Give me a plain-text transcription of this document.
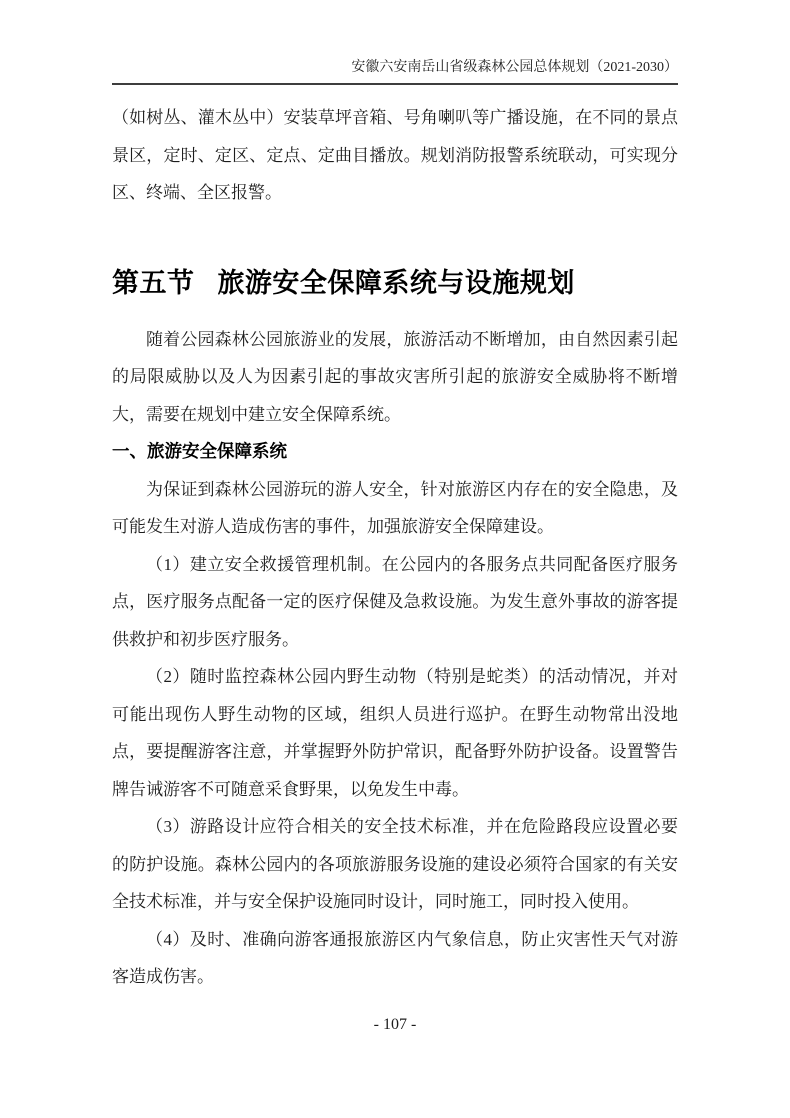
安徽六安南岳山省级森林公园总体规划（2021-2030）

（如树丛、灌木丛中）安装草坪音箱、号角喇叭等广播设施，在不同的景点景区，定时、定区、定点、定曲目播放。规划消防报警系统联动，可实现分区、终端、全区报警。

第五节 旅游安全保障系统与设施规划

随着公园森林公园旅游业的发展，旅游活动不断增加，由自然因素引起的局限威胁以及人为因素引起的事故灾害所引起的旅游安全威胁将不断增大，需要在规划中建立安全保障系统。

一、旅游安全保障系统

为保证到森林公园游玩的游人安全，针对旅游区内存在的安全隐患，及可能发生对游人造成伤害的事件，加强旅游安全保障建设。

（1）建立安全救援管理机制。在公园内的各服务点共同配备医疗服务点，医疗服务点配备一定的医疗保健及急救设施。为发生意外事故的游客提供救护和初步医疗服务。

（2）随时监控森林公园内野生动物（特别是蛇类）的活动情况，并对可能出现伤人野生动物的区域，组织人员进行巡护。在野生动物常出没地点，要提醒游客注意，并掌握野外防护常识，配备野外防护设备。设置警告牌告诫游客不可随意采食野果，以免发生中毒。

（3）游路设计应符合相关的安全技术标准，并在危险路段应设置必要的防护设施。森林公园内的各项旅游服务设施的建设必须符合国家的有关安全技术标准，并与安全保护设施同时设计，同时施工，同时投入使用。

（4）及时、准确向游客通报旅游区内气象信息，防止灾害性天气对游客造成伤害。

- 107 -
